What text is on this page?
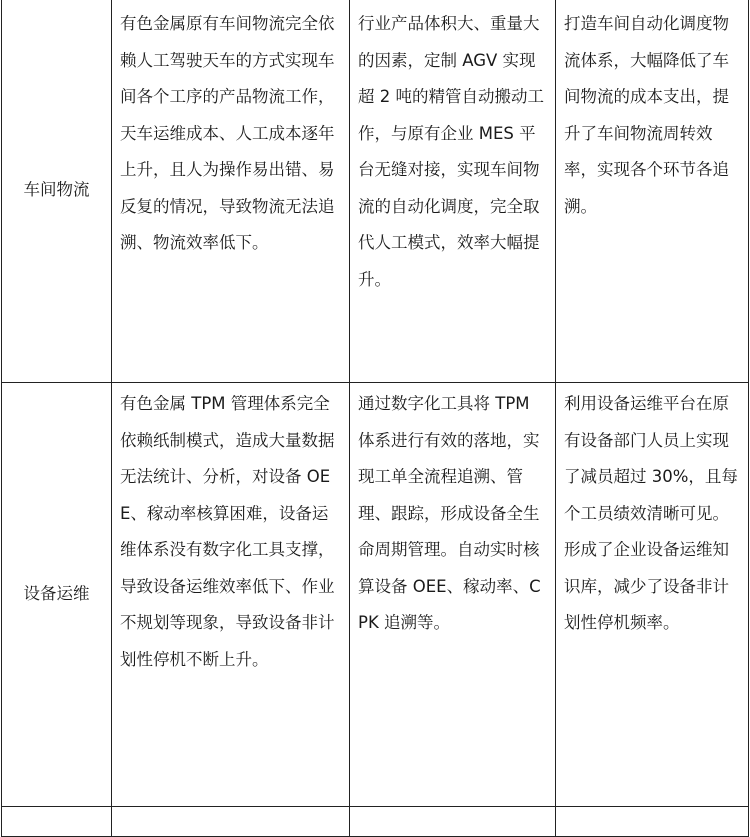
车间物流	有色金属原有车间物流完全依赖人工驾驶天车的方式实现车间各个工序的产品物流工作，天车运维成本、人工成本逐年上升，且人为操作易出错、易反复的情况，导致物流无法追溯、物流效率低下。	行业产品体积大、重量大的因素，定制 AGV 实现超 2 吨的精管自动搬动工作，与原有企业 MES 平台无缝对接，实现车间物流的自动化调度，完全取代人工模式，效率大幅提升。	打造车间自动化调度物流体系，大幅降低了车间物流的成本支出，提升了车间物流周转效率，实现各个环节各追溯。
设备运维	有色金属 TPM 管理体系完全依赖纸制模式，造成大量数据无法统计、分析，对设备 OEE、稼动率核算困难，设备运维体系没有数字化工具支撑，导致设备运维效率低下、作业不规划等现象，导致设备非计划性停机不断上升。	通过数字化工具将 TPM 体系进行有效的落地，实现工单全流程追溯、管理、跟踪，形成设备全生命周期管理。自动实时核算设备 OEE、稼动率、CPK 追溯等。	利用设备运维平台在原有设备部门人员上实现了减员超过 30%，且每个工员绩效清晰可见。形成了企业设备运维知识库，减少了设备非计划性停机频率。
